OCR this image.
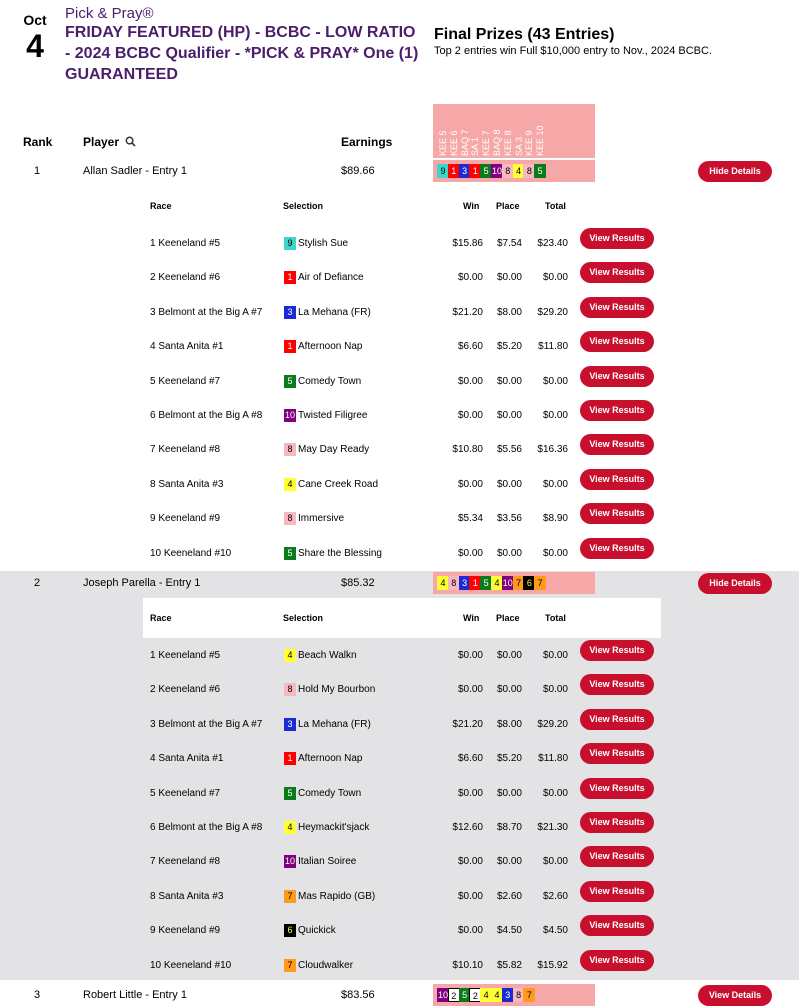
Oct
4
Pick & Pray®
FRIDAY FEATURED (HP) - BCBC - LOW RATIO - 2024 BCBC Qualifier - *PICK & PRAY* One (1) GUARANTEED
Final Prizes (43 Entries)
Top 2 entries win Full $10,000 entry to Nov., 2024 BCBC.
Rank	Player	Earnings	KEE 5 KEE 6 BAQ 7 SA 1 KEE 7 BAQ 8 KEE 8 SA 3 KEE 9 KEE 10
1	Allan Sadler - Entry 1	$89.66	9 1 3 1 5 10 8 4 8 5	Hide Details
Race	Selection	Win Place	Total
1 Keeneland #5	9 Stylish Sue	$15.86 $7.54 $23.40	View Results
2 Keeneland #6	1 Air of Defiance	$0.00 $0.00 $0.00	View Results
3 Belmont at the Big A #7	3 La Mehana (FR)	$21.20 $8.00 $29.20	View Results
4 Santa Anita #1	1 Afternoon Nap	$6.60 $5.20 $11.80	View Results
5 Keeneland #7	5 Comedy Town	$0.00 $0.00 $0.00	View Results
6 Belmont at the Big A #8	10 Twisted Filigree	$0.00 $0.00 $0.00	View Results
7 Keeneland #8	8 May Day Ready	$10.80 $5.56 $16.36	View Results
8 Santa Anita #3	4 Cane Creek Road	$0.00 $0.00 $0.00	View Results
9 Keeneland #9	8 Immersive	$5.34 $3.56 $8.90	View Results
10 Keeneland #10	5 Share the Blessing	$0.00 $0.00 $0.00	View Results
2	Joseph Parella - Entry 1	$85.32	4 8 3 1 5 4 10 7 6 7	Hide Details
Race	Selection	Win Place	Total
1 Keeneland #5	4 Beach Walkn	$0.00 $0.00 $0.00	View Results
2 Keeneland #6	8 Hold My Bourbon	$0.00 $0.00 $0.00	View Results
3 Belmont at the Big A #7	3 La Mehana (FR)	$21.20 $8.00 $29.20	View Results
4 Santa Anita #1	1 Afternoon Nap	$6.60 $5.20 $11.80	View Results
5 Keeneland #7	5 Comedy Town	$0.00 $0.00 $0.00	View Results
6 Belmont at the Big A #8	4 Heymackit'sjack	$12.60 $8.70 $21.30	View Results
7 Keeneland #8	10 Italian Soiree	$0.00 $0.00 $0.00	View Results
8 Santa Anita #3	7 Mas Rapido (GB)	$0.00 $2.60 $2.60	View Results
9 Keeneland #9	6 Quickick	$0.00 $4.50 $4.50	View Results
10 Keeneland #10	7 Cloudwalker	$10.10 $5.82 $15.92	View Results
3	Robert Little - Entry 1	$83.56	10 2 5 2 4 4 3 8 7	View Details
